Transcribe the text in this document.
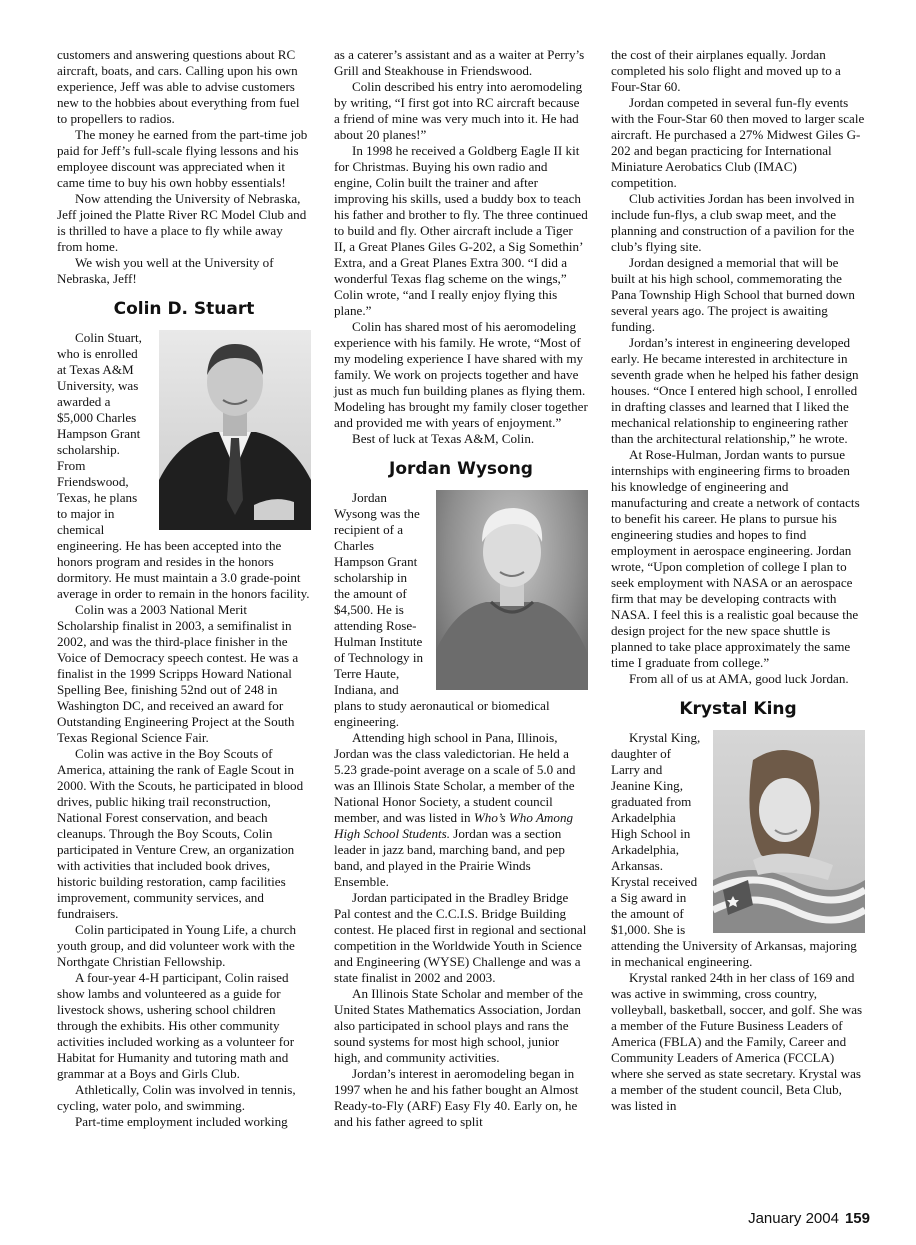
customers and answering questions about RC aircraft, boats, and cars. Calling upon his own experience, Jeff was able to advise customers new to the hobbies about everything from fuel to propellers to radios.

The money he earned from the part-time job paid for Jeff’s full-scale flying lessons and his employee discount was appreciated when it came time to buy his own hobby essentials!

Now attending the University of Nebraska, Jeff joined the Platte River RC Model Club and is thrilled to have a place to fly while away from home.

We wish you well at the University of Nebraska, Jeff!

Colin D. Stuart

Colin Stuart, who is enrolled at Texas A&M University, was awarded a $5,000 Charles Hampson Grant scholarship. From Friendswood, Texas, he plans to major in chemical engineering. He has been accepted into the honors program and resides in the honors dormitory. He must maintain a 3.0 grade-point average in order to remain in the honors facility.

Colin was a 2003 National Merit Scholarship finalist in 2003, a semifinalist in 2002, and was the third-place finisher in the Voice of Democracy speech contest. He was a finalist in the 1999 Scripps Howard National Spelling Bee, finishing 52nd out of 248 in Washington DC, and received an award for Outstanding Engineering Project at the South Texas Regional Science Fair.

Colin was active in the Boy Scouts of America, attaining the rank of Eagle Scout in 2000. With the Scouts, he participated in blood drives, public hiking trail reconstruction, National Forest conservation, and beach cleanups. Through the Boy Scouts, Colin participated in Venture Crew, an organization with activities that included book drives, historic building restoration, camp facilities improvement, community services, and fundraisers.

Colin participated in Young Life, a church youth group, and did volunteer work with the Northgate Christian Fellowship.

A four-year 4-H participant, Colin raised show lambs and volunteered as a guide for livestock shows, ushering school children through the exhibits. His other community activities included working as a volunteer for Habitat for Humanity and tutoring math and grammar at a Boys and Girls Club.

Athletically, Colin was involved in tennis, cycling, water polo, and swimming.

Part-time employment included working

as a caterer’s assistant and as a waiter at Perry’s Grill and Steakhouse in Friendswood.

Colin described his entry into aeromodeling by writing, “I first got into RC aircraft because a friend of mine was very much into it. He had about 20 planes!”

In 1998 he received a Goldberg Eagle II kit for Christmas. Buying his own radio and engine, Colin built the trainer and after improving his skills, used a buddy box to teach his father and brother to fly. The three continued to build and fly. Other aircraft include a Tiger II, a Great Planes Giles G-202, a Sig Somethin’ Extra, and a Great Planes Extra 300. “I did a wonderful Texas flag scheme on the wings,” Colin wrote, “and I really enjoy flying this plane.”

Colin has shared most of his aeromodeling experience with his family. He wrote, “Most of my modeling experience I have shared with my family. We work on projects together and have just as much fun building planes as flying them. Modeling has brought my family closer together and provided me with years of enjoyment.”

Best of luck at Texas A&M, Colin.

Jordan Wysong

Jordan Wysong was the recipient of a Charles Hampson Grant scholarship in the amount of $4,500. He is attending Rose-Hulman Institute of Technology in Terre Haute, Indiana, and plans to study aeronautical or biomedical engineering.

Attending high school in Pana, Illinois, Jordan was the class valedictorian. He held a 5.23 grade-point average on a scale of 5.0 and was an Illinois State Scholar, a member of the National Honor Society, a student council member, and was listed in Who’s Who Among High School Students. Jordan was a section leader in jazz band, marching band, and pep band, and played in the Prairie Winds Ensemble.

Jordan participated in the Bradley Bridge Pal contest and the C.C.I.S. Bridge Building contest. He placed first in regional and sectional competition in the Worldwide Youth in Science and Engineering (WYSE) Challenge and was a state finalist in 2002 and 2003.

An Illinois State Scholar and member of the United States Mathematics Association, Jordan also participated in school plays and rans the sound systems for most high school, junior high, and community activities.

Jordan’s interest in aeromodeling began in 1997 when he and his father bought an Almost Ready-to-Fly (ARF) Easy Fly 40. Early on, he and his father agreed to split

the cost of their airplanes equally. Jordan completed his solo flight and moved up to a Four-Star 60.

Jordan competed in several fun-fly events with the Four-Star 60 then moved to larger scale aircraft. He purchased a 27% Midwest Giles G-202 and began practicing for International Miniature Aerobatics Club (IMAC) competition.

Club activities Jordan has been involved in include fun-flys, a club swap meet, and the planning and construction of a pavilion for the club’s flying site.

Jordan designed a memorial that will be built at his high school, commemorating the Pana Township High School that burned down several years ago. The project is awaiting funding.

Jordan’s interest in engineering developed early. He became interested in architecture in seventh grade when he helped his father design houses. “Once I entered high school, I enrolled in drafting classes and learned that I liked the mechanical relationship to engineering rather than the architectural relationship,” he wrote.

At Rose-Hulman, Jordan wants to pursue internships with engineering firms to broaden his knowledge of engineering and manufacturing and create a network of contacts to benefit his career. He plans to pursue his engineering studies and hopes to find employment in aerospace engineering. Jordan wrote, “Upon completion of college I plan to seek employment with NASA or an aerospace firm that may be developing contracts with NASA. I feel this is a realistic goal because the design project for the new space shuttle is planned to take place approximately the same time I graduate from college.”

From all of us at AMA, good luck Jordan.

Krystal King

Krystal King, daughter of Larry and Jeanine King, graduated from Arkadelphia High School in Arkadelphia, Arkansas. Krystal received a Sig award in the amount of $1,000. She is attending the University of Arkansas, majoring in mechanical engineering.

Krystal ranked 24th in her class of 169 and was active in swimming, cross country, volleyball, basketball, soccer, and golf. She was a member of the Future Business Leaders of America (FBLA) and the Family, Career and Community Leaders of America (FCCLA) where she served as state secretary. Krystal was a member of the student council, Beta Club, was listed in

January 2004 159
